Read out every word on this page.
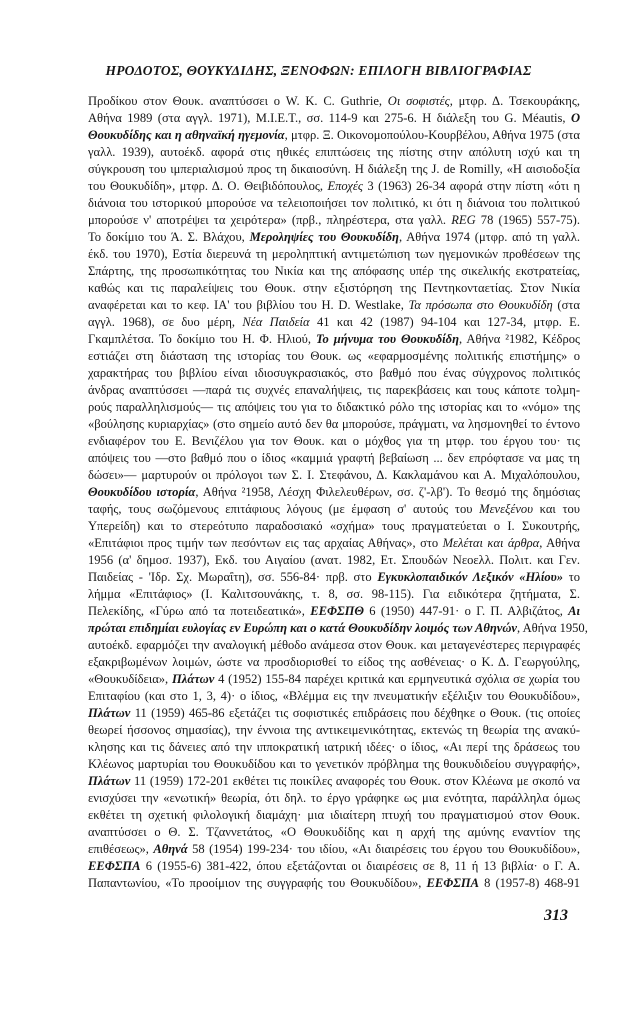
ΗΡΟΔΟΤΟΣ, ΘΟΥΚΥΔΙΔΗΣ, ΞΕΝΟΦΩΝ: ΕΠΙΛΟΓΗ ΒΙΒΛΙΟΓΡΑΦΙΑΣ
Προδίκου στον Θουκ. αναπτύσσει ο W. K. C. Guthrie, Οι σοφιστές, μτφρ. Δ. Τσεκουράκης,
Αθήνα 1989 (στα αγγλ. 1971), Μ.Ι.Ε.Τ., σσ. 114-9 και 275-6. Η διάλεξη του G. Méautis, Ο
Θουκυδίδης και η αθηναϊκή ηγεμονία, μτφρ. Ξ. Οικονομοπούλου-Κουρβέλου, Αθήνα 1975 (στα
γαλλ. 1939), αυτοέκδ. αφορά στις ηθικές επιπτώσεις της πίστης στην απόλυτη ισχύ και τη
σύγκρουση του ιμπεριαλισμού προς τη δικαιοσύνη. Η διάλεξη της J. de Romilly, «Η αισιοδοξία
του Θουκυδίδη», μτφρ. Δ. Ο. Θειβιδόπουλος, Εποχές 3 (1963) 26-34 αφορά στην πίστη «ότι η
διάνοια του ιστορικού μπορούσε να τελειοποιήσει τον πολιτικό, κι ότι η διάνοια του πολιτικού
μπορούσε ν' αποτρέψει τα χειρότερα» (πρβ., πληρέστερα, στα γαλλ. REG 78 (1965) 557-75).
Το δοκίμιο του Ά. Σ. Βλάχου, Μεροληψίες του Θουκυδίδη, Αθήνα 1974 (μτφρ. από τη γαλλ.
έκδ. του 1970), Εστία διερευνά τη μεροληπτική αντιμετώπιση των ηγεμονικών προθέσεων της
Σπάρτης, της προσωπικότητας του Νικία και της απόφασης υπέρ της σικελικής εκστρατείας,
καθώς και τις παραλείψεις του Θουκ. στην εξιστόρηση της Πεντηκονταετίας. Στον Νικία
αναφέρεται και το κεφ. ΙΑ' του βιβλίου του H. D. Westlake, Τα πρόσωπα στο Θουκυδίδη (στα
αγγλ. 1968), σε δυο μέρη, Νέα Παιδεία 41 και 42 (1987) 94-104 και 127-34, μτφρ. Ε.
Γκαμπλέτσα. Το δοκίμιο του Η. Φ. Ηλιού, Το μήνυμα του Θουκυδίδη, Αθήνα ²1982, Κέδρος
εστιάζει στη διάσταση της ιστορίας του Θουκ. ως «εφαρμοσμένης πολιτικής επιστήμης» ο
χαρακτήρας του βιβλίου είναι ιδιοσυγκρασιακός, στο βαθμό που ένας σύγχρονος πολιτικός
άνδρας αναπτύσσει —παρά τις συχνές επαναλήψεις, τις παρεκβάσεις και τους κάποτε τολμη-
ρούς παραλληλισμούς— τις απόψεις του για το διδακτικό ρόλο της ιστορίας και το «νόμο» της
«βούλησης κυριαρχίας» (στο σημείο αυτό δεν θα μπορούσε, πράγματι, να λησμονηθεί το έντονο
ενδιαφέρον του Ε. Βενιζέλου για τον Θουκ. και ο μόχθος για τη μτφρ. του έργου του· τις
απόψεις του —στο βαθμό που ο ίδιος «καμμιά γραφτή βεβαίωση ... δεν επρόφτασε να μας τη
δώσει»— μαρτυρούν οι πρόλογοι των Σ. Ι. Στεφάνου, Δ. Κακλαμάνου και Α. Μιχαλόπουλου,
Θουκυδίδου ιστορία, Αθήνα ²1958, Λέσχη Φιλελευθέρων, σσ. ζ'-λβ'). Το θεσμό της δημόσιας
ταφής, τους σωζόμενους επιτάφιους λόγους (με έμφαση σ' αυτούς του Μενεξένου και του
Υπερείδη) και το στερεότυπο παραδοσιακό «σχήμα» τους πραγματεύεται ο Ι. Συκουτρής,
«Επιτάφιοι προς τιμήν των πεσόντων εις τας αρχαίας Αθήνας», στο Μελέται και άρθρα, Αθήνα
1956 (α' δημοσ. 1937), Εκδ. του Αιγαίου (ανατ. 1982, Ετ. Σπουδών Νεοελλ. Πολιτ. και Γεν.
Παιδείας - 'Ιδρ. Σχ. Μωραΐτη), σσ. 556-84· πρβ. στο Εγκυκλοπαιδικόν Λεξικόν «Ηλίου» το
λήμμα «Επιτάφιος» (Ι. Καλιτσουνάκης, τ. 8, σσ. 98-115). Για ειδικότερα ζητήματα, Σ.
Πελεκίδης, «Γύρω από τα ποτειδεατικά», ΕΕΦΣΠΘ 6 (1950) 447-91· ο Γ. Π. Αλβιζάτος, Αι
πρώται επιδημίαι ευλογίας εν Ευρώπη και ο κατά Θουκυδίδην λοιμός των Αθηνών, Αθήνα 1950,
αυτοέκδ. εφαρμόζει την αναλογική μέθοδο ανάμεσα στον Θουκ. και μεταγενέστερες περιγραφές
εξακριβωμένων λοιμών, ώστε να προσδιορισθεί το είδος της ασθένειας· ο Κ. Δ. Γεωργούλης,
«Θουκυδίδεια», Πλάτων 4 (1952) 155-84 παρέχει κριτικά και ερμηνευτικά σχόλια σε χωρία του
Επιταφίου (και στο 1, 3, 4)· ο ίδιος, «Βλέμμα εις την πνευματικήν εξέλιξιν του Θουκυδίδου»,
Πλάτων 11 (1959) 465-86 εξετάζει τις σοφιστικές επιδράσεις που δέχθηκε ο Θουκ. (τις οποίες
θεωρεί ήσσονος σημασίας), την έννοια της αντικειμενικότητας, εκτενώς τη θεωρία της ανακύ-
κλησης και τις δάνειες από την ιπποκρατική ιατρική ιδέες· ο ίδιος, «Αι περί της δράσεως του
Κλέωνος μαρτυρίαι του Θουκυδίδου και το γενετικόν πρόβλημα της θουκυδιδείου συγγραφής»,
Πλάτων 11 (1959) 172-201 εκθέτει τις ποικίλες αναφορές του Θουκ. στον Κλέωνα με σκοπό να
ενισχύσει την «ενωτική» θεωρία, ότι δηλ. το έργο γράφηκε ως μια ενότητα, παράλληλα όμως
εκθέτει τη σχετική φιλολογική διαμάχη· μια ιδιαίτερη πτυχή του πραγματισμού στον Θουκ.
αναπτύσσει ο Θ. Σ. Τζαννετάτος, «Ο Θουκυδίδης και η αρχή της αμύνης εναντίον της
επιθέσεως», Αθηνά 58 (1954) 199-234· του ιδίου, «Αι διαιρέσεις του έργου του Θουκυδίδου»,
ΕΕΦΣΠΑ 6 (1955-6) 381-422, όπου εξετάζονται οι διαιρέσεις σε 8, 11 ή 13 βιβλία· ο Γ. Α.
Παπαντωνίου, «Το προοίμιον της συγγραφής του Θουκυδίδου», ΕΕΦΣΠΑ 8 (1957-8) 468-91
313
